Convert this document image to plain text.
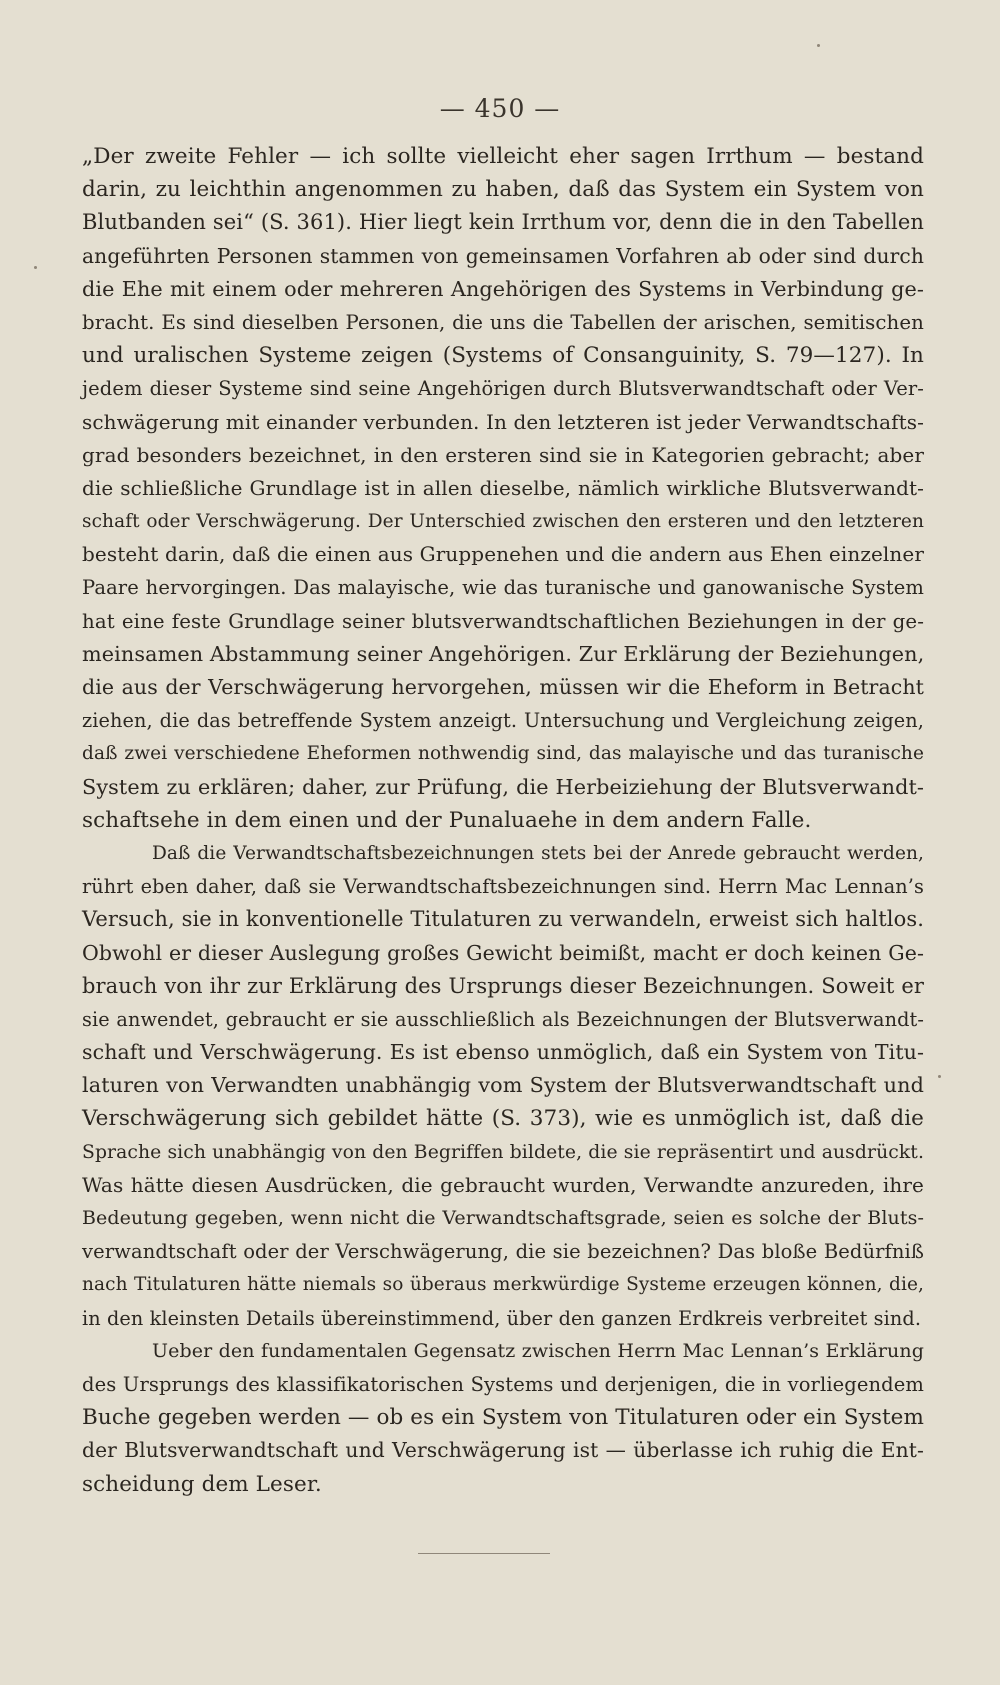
— 450 —
„Der zweite Fehler — ich sollte vielleicht eher sagen Irrthum — bestand
darin, zu leichthin angenommen zu haben, daß das System ein System von
Blutbanden sei“ (S. 361). Hier liegt kein Irrthum vor, denn die in den Tabellen
angeführten Personen stammen von gemeinsamen Vorfahren ab oder sind durch
die Ehe mit einem oder mehreren Angehörigen des Systems in Verbindung ge-
bracht. Es sind dieselben Personen, die uns die Tabellen der arischen, semitischen
und uralischen Systeme zeigen (Systems of Consanguinity, S. 79—127). In
jedem dieser Systeme sind seine Angehörigen durch Blutsverwandtschaft oder Ver-
schwägerung mit einander verbunden. In den letzteren ist jeder Verwandtschafts-
grad besonders bezeichnet, in den ersteren sind sie in Kategorien gebracht; aber
die schließliche Grundlage ist in allen dieselbe, nämlich wirkliche Blutsverwandt-
schaft oder Verschwägerung. Der Unterschied zwischen den ersteren und den letzteren
besteht darin, daß die einen aus Gruppenehen und die andern aus Ehen einzelner
Paare hervorgingen. Das malayische, wie das turanische und ganowanische System
hat eine feste Grundlage seiner blutsverwandtschaftlichen Beziehungen in der ge-
meinsamen Abstammung seiner Angehörigen. Zur Erklärung der Beziehungen,
die aus der Verschwägerung hervorgehen, müssen wir die Eheform in Betracht
ziehen, die das betreffende System anzeigt. Untersuchung und Vergleichung zeigen,
daß zwei verschiedene Eheformen nothwendig sind, das malayische und das turanische
System zu erklären; daher, zur Prüfung, die Herbeiziehung der Blutsverwandt-
schaftsehe in dem einen und der Punaluaehe in dem andern Falle.
Daß die Verwandtschaftsbezeichnungen stets bei der Anrede gebraucht werden,
rührt eben daher, daß sie Verwandtschaftsbezeichnungen sind. Herrn Mac Lennan’s
Versuch, sie in konventionelle Titulaturen zu verwandeln, erweist sich haltlos.
Obwohl er dieser Auslegung großes Gewicht beimißt, macht er doch keinen Ge-
brauch von ihr zur Erklärung des Ursprungs dieser Bezeichnungen. Soweit er
sie anwendet, gebraucht er sie ausschließlich als Bezeichnungen der Blutsverwandt-
schaft und Verschwägerung. Es ist ebenso unmöglich, daß ein System von Titu-
laturen von Verwandten unabhängig vom System der Blutsverwandtschaft und
Verschwägerung sich gebildet hätte (S. 373), wie es unmöglich ist, daß die
Sprache sich unabhängig von den Begriffen bildete, die sie repräsentirt und ausdrückt.
Was hätte diesen Ausdrücken, die gebraucht wurden, Verwandte anzureden, ihre
Bedeutung gegeben, wenn nicht die Verwandtschaftsgrade, seien es solche der Bluts-
verwandtschaft oder der Verschwägerung, die sie bezeichnen? Das bloße Bedürfniß
nach Titulaturen hätte niemals so überaus merkwürdige Systeme erzeugen können, die,
in den kleinsten Details übereinstimmend, über den ganzen Erdkreis verbreitet sind.
Ueber den fundamentalen Gegensatz zwischen Herrn Mac Lennan’s Erklärung
des Ursprungs des klassifikatorischen Systems und derjenigen, die in vorliegendem
Buche gegeben werden — ob es ein System von Titulaturen oder ein System
der Blutsverwandtschaft und Verschwägerung ist — überlasse ich ruhig die Ent-
scheidung dem Leser.
